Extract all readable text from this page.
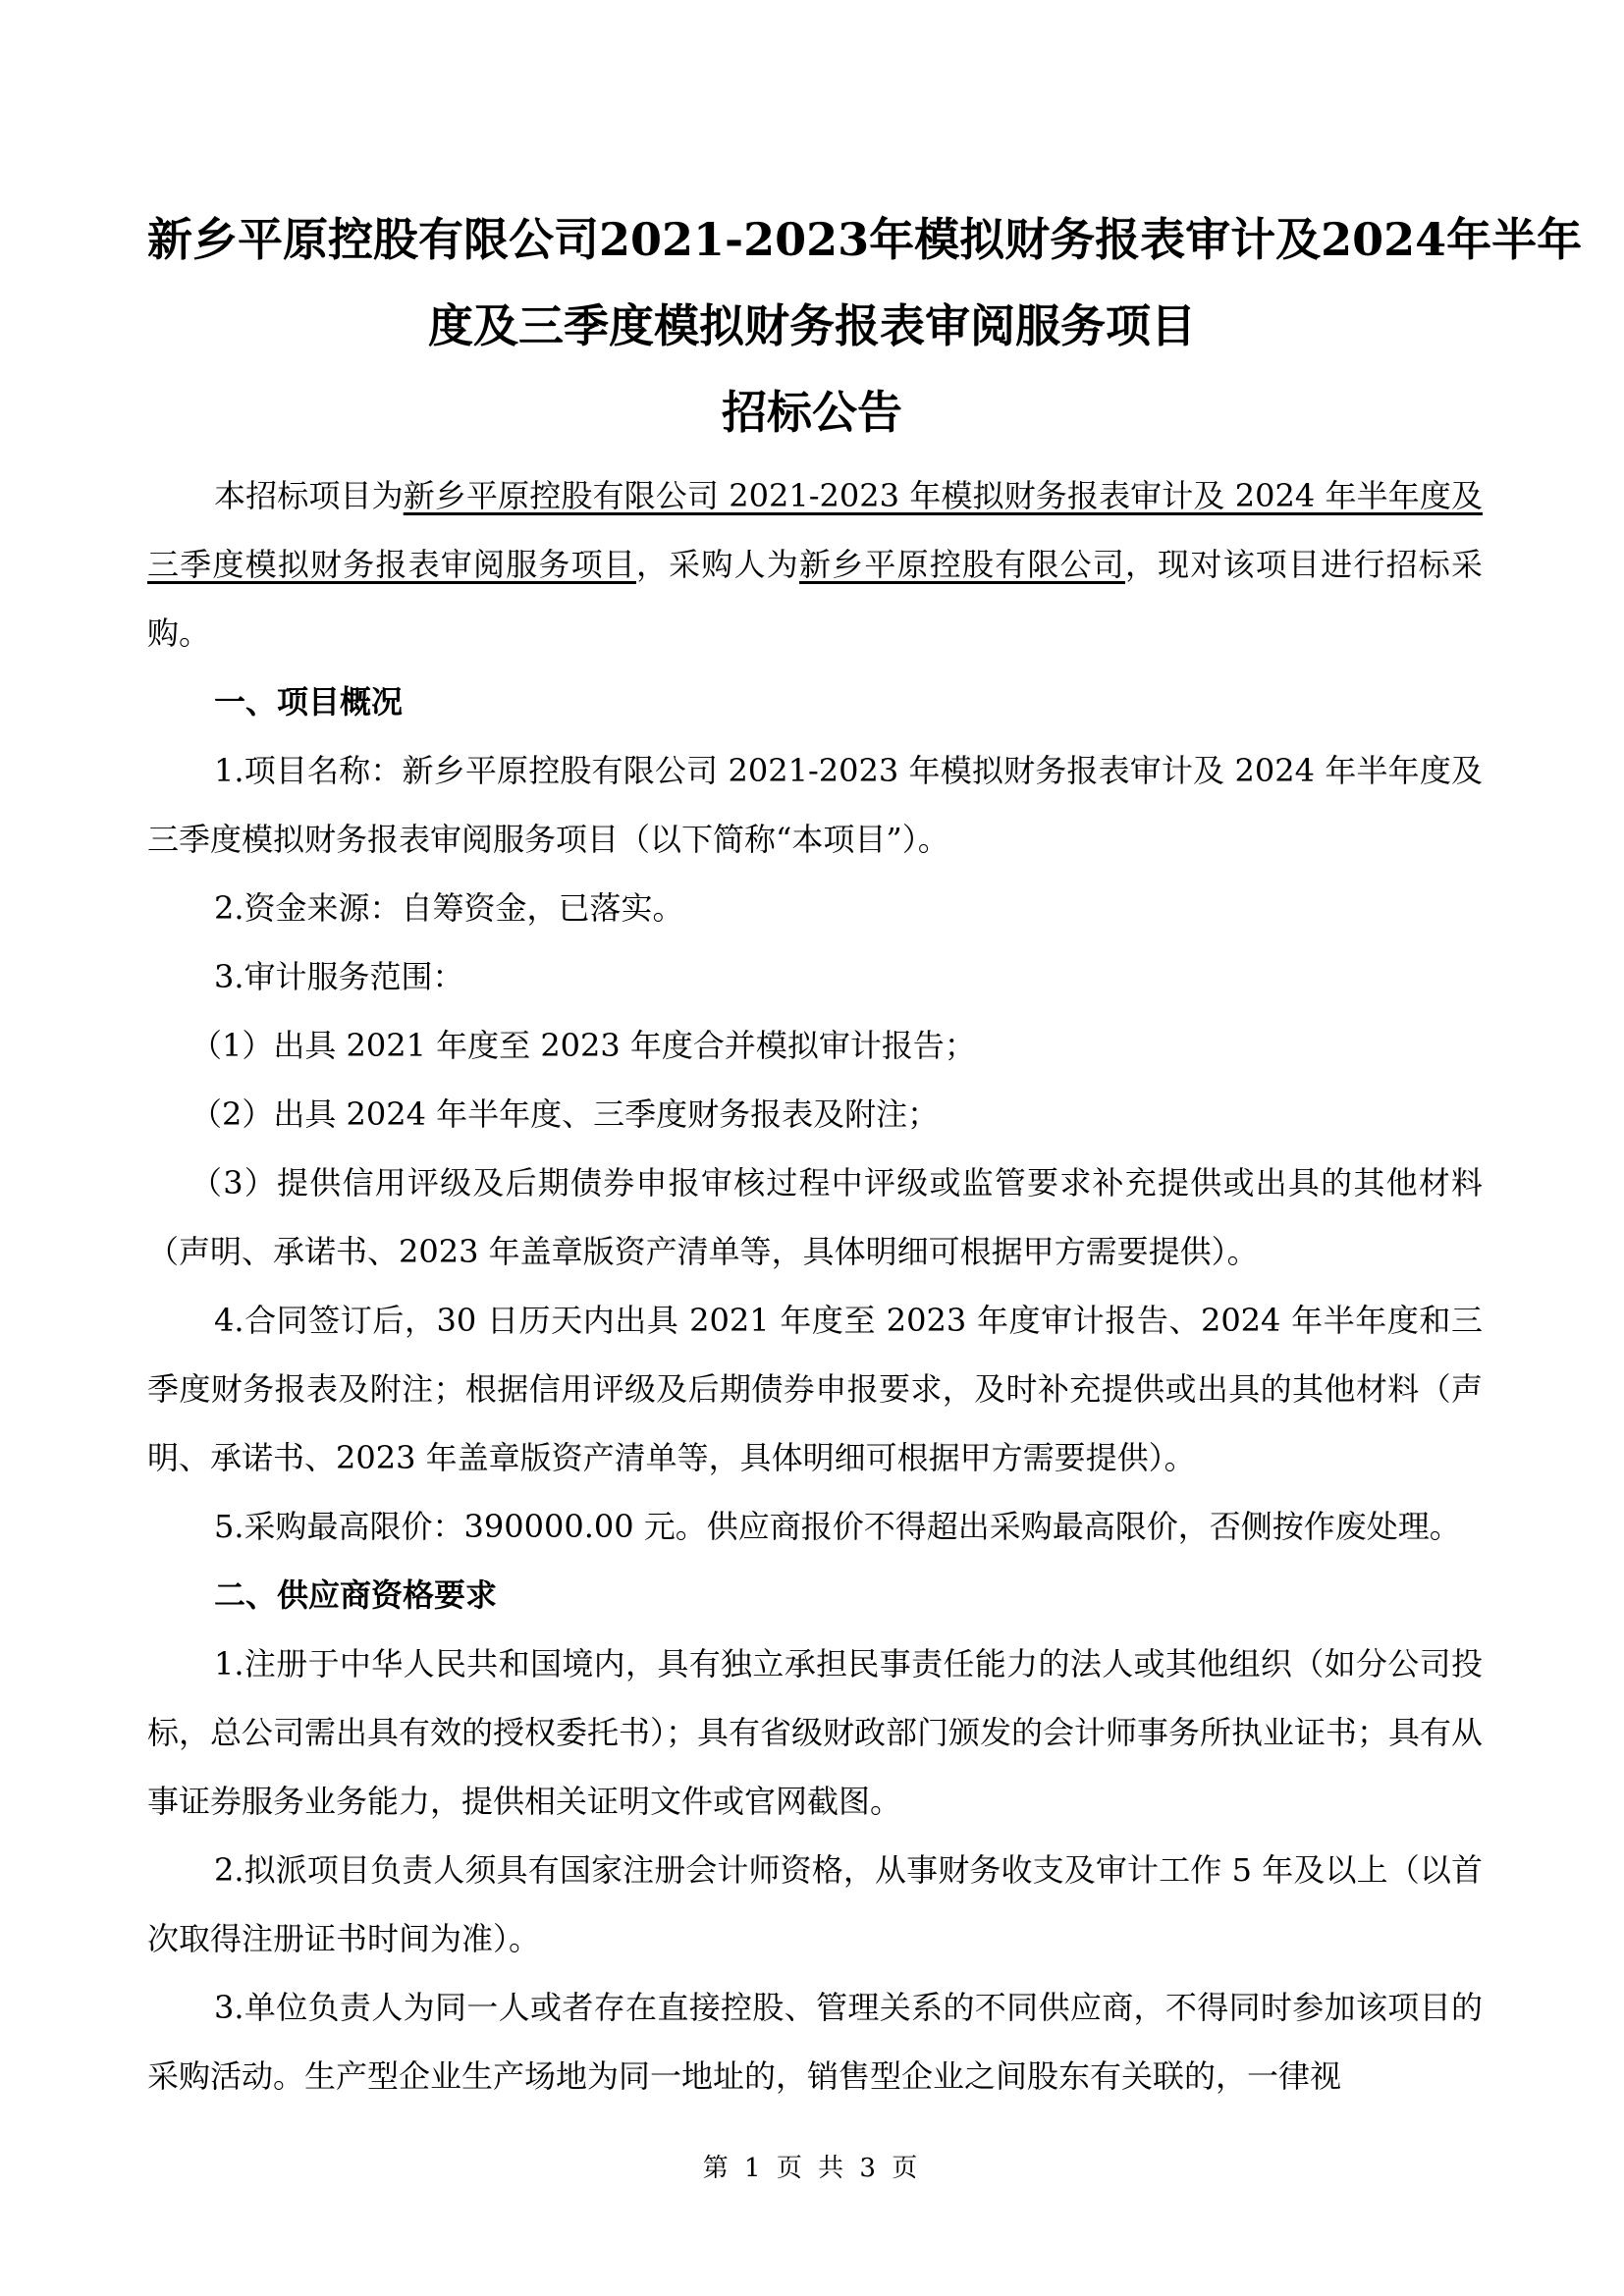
新乡平原控股有限公司2021-2023年模拟财务报表审计及2024年半年
度及三季度模拟财务报表审阅服务项目
招标公告

本招标项目为新乡平原控股有限公司 2021-2023 年模拟财务报表审计及 2024 年半年度及三季度模拟财务报表审阅服务项目，采购人为新乡平原控股有限公司，现对该项目进行招标采购。

一、项目概况

1.项目名称：新乡平原控股有限公司 2021-2023 年模拟财务报表审计及 2024 年半年度及三季度模拟财务报表审阅服务项目（以下简称“本项目”）。

2.资金来源：自筹资金，已落实。

3.审计服务范围：

（1）出具 2021 年度至 2023 年度合并模拟审计报告；

（2）出具 2024 年半年度、三季度财务报表及附注；

（3）提供信用评级及后期债券申报审核过程中评级或监管要求补充提供或出具的其他材料（声明、承诺书、2023 年盖章版资产清单等，具体明细可根据甲方需要提供）。

4.合同签订后，30 日历天内出具 2021 年度至 2023 年度审计报告、2024 年半年度和三季度财务报表及附注；根据信用评级及后期债券申报要求，及时补充提供或出具的其他材料（声明、承诺书、2023 年盖章版资产清单等，具体明细可根据甲方需要提供）。

5.采购最高限价：390000.00 元。供应商报价不得超出采购最高限价，否侧按作废处理。

二、供应商资格要求

1.注册于中华人民共和国境内，具有独立承担民事责任能力的法人或其他组织（如分公司投标，总公司需出具有效的授权委托书）；具有省级财政部门颁发的会计师事务所执业证书；具有从事证券服务业务能力，提供相关证明文件或官网截图。

2.拟派项目负责人须具有国家注册会计师资格，从事财务收支及审计工作 5 年及以上（以首次取得注册证书时间为准）。

3.单位负责人为同一人或者存在直接控股、管理关系的不同供应商，不得同时参加该项目的采购活动。生产型企业生产场地为同一地址的，销售型企业之间股东有关联的，一律视

第 1 页 共 3 页
